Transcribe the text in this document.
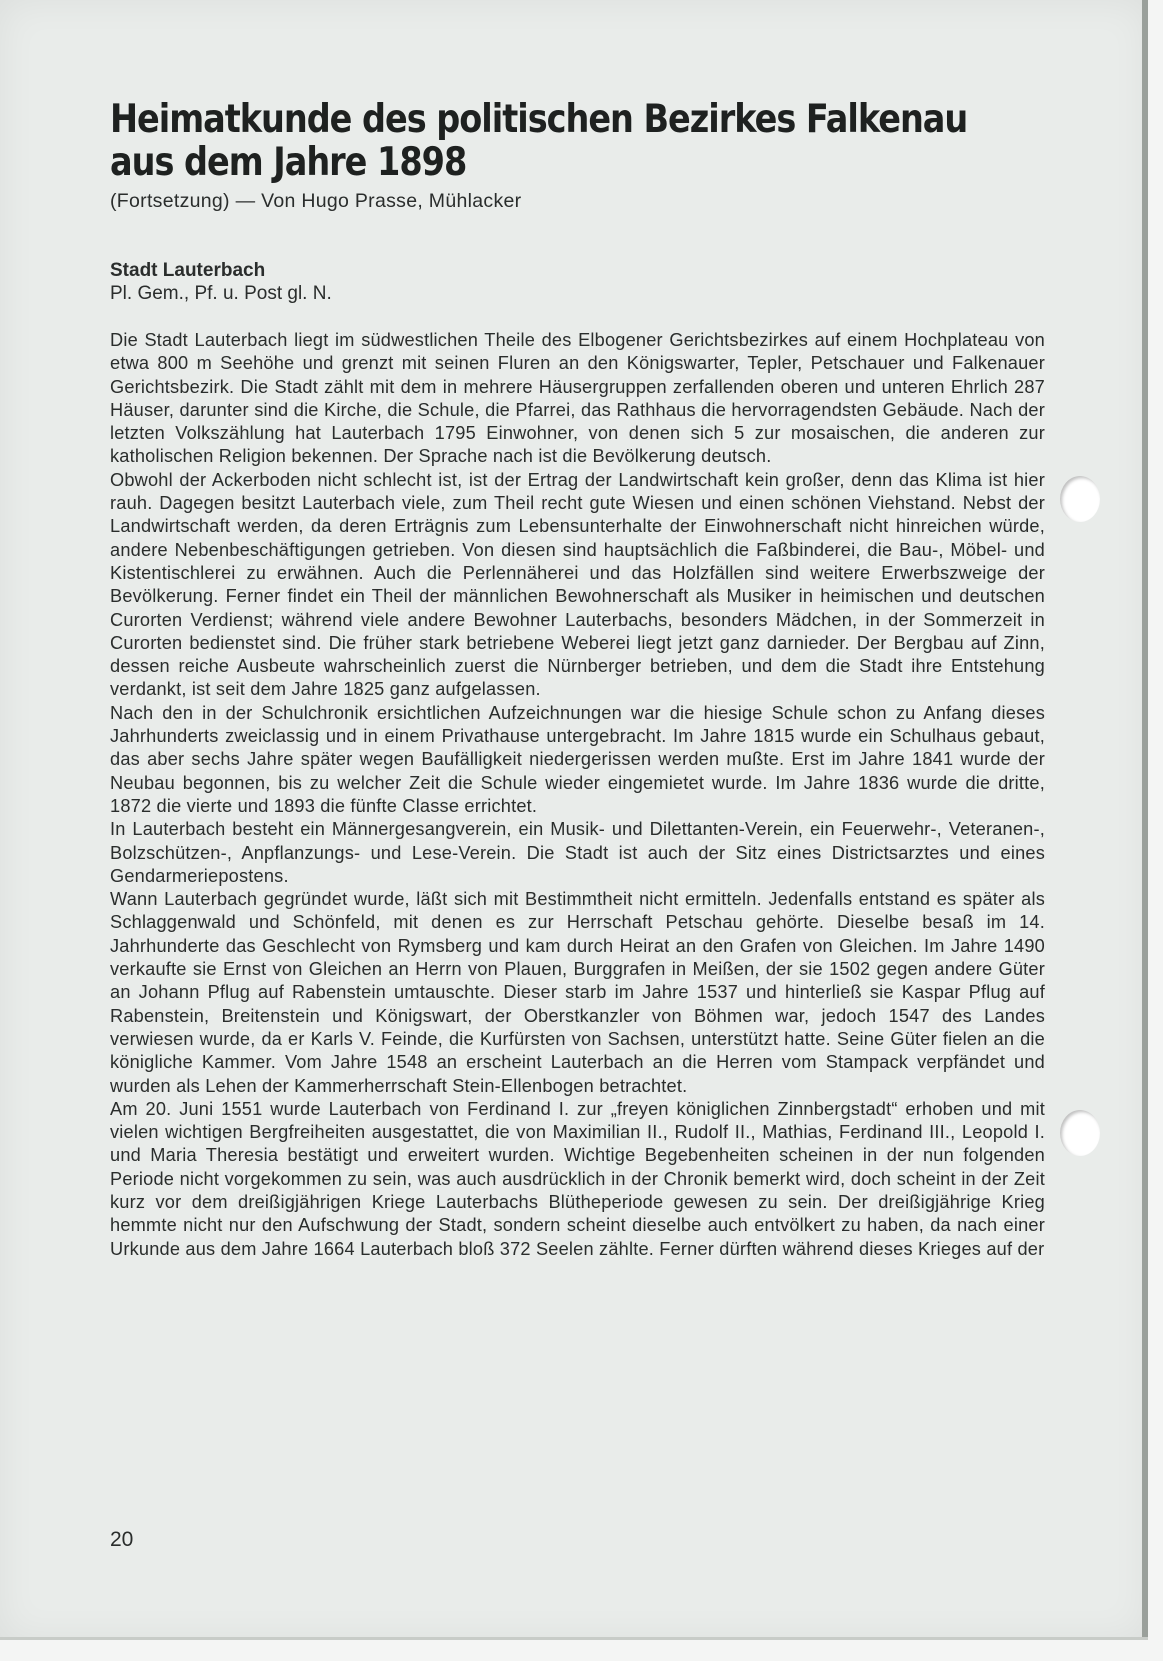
Heimatkunde des politischen Bezirkes Falkenau
aus dem Jahre 1898

(Fortsetzung) — Von Hugo Prasse, Mühlacker

Stadt Lauterbach

Pl. Gem., Pf. u. Post gl. N.

Die Stadt Lauterbach liegt im südwestlichen Theile des Elbogener Gerichtsbezirkes auf einem Hochplateau von etwa 800 m Seehöhe und grenzt mit seinen Fluren an den Königswarter, Tepler, Petschauer und Falkenauer Gerichtsbezirk. Die Stadt zählt mit dem in mehrere Häusergruppen zerfallenden oberen und unteren Ehrlich 287 Häuser, darunter sind die Kirche, die Schule, die Pfarrei, das Rathhaus die hervorragendsten Gebäude. Nach der letzten Volkszählung hat Lauterbach 1795 Einwohner, von denen sich 5 zur mosaischen, die anderen zur katholischen Religion bekennen. Der Sprache nach ist die Bevölkerung deutsch.

Obwohl der Ackerboden nicht schlecht ist, ist der Ertrag der Landwirtschaft kein großer, denn das Klima ist hier rauh. Dagegen besitzt Lauterbach viele, zum Theil recht gute Wiesen und einen schönen Viehstand. Nebst der Landwirtschaft werden, da deren Erträgnis zum Lebensunterhalte der Einwohnerschaft nicht hinreichen würde, andere Nebenbeschäftigungen getrieben. Von diesen sind hauptsächlich die Faßbinderei, die Bau-, Möbel- und Kistentischlerei zu erwähnen. Auch die Perlennäherei und das Holzfällen sind weitere Erwerbszweige der Bevölkerung. Ferner findet ein Theil der männlichen Bewohnerschaft als Musiker in heimischen und deutschen Curorten Verdienst; während viele andere Bewohner Lauterbachs, besonders Mädchen, in der Sommerzeit in Curorten bedienstet sind. Die früher stark betriebene Weberei liegt jetzt ganz darnieder. Der Bergbau auf Zinn, dessen reiche Ausbeute wahrscheinlich zuerst die Nürnberger betrieben, und dem die Stadt ihre Entstehung verdankt, ist seit dem Jahre 1825 ganz aufgelassen.

Nach den in der Schulchronik ersichtlichen Aufzeichnungen war die hiesige Schule schon zu Anfang dieses Jahrhunderts zweiclassig und in einem Privathause untergebracht. Im Jahre 1815 wurde ein Schulhaus gebaut, das aber sechs Jahre später wegen Baufälligkeit niedergerissen werden mußte. Erst im Jahre 1841 wurde der Neubau begonnen, bis zu welcher Zeit die Schule wieder eingemietet wurde. Im Jahre 1836 wurde die dritte, 1872 die vierte und 1893 die fünfte Classe errichtet.

In Lauterbach besteht ein Männergesangverein, ein Musik- und Dilettanten-Verein, ein Feuerwehr-, Veteranen-, Bolzschützen-, Anpflanzungs- und Lese-Verein. Die Stadt ist auch der Sitz eines Districtsarztes und eines Gendarmeriepostens.

Wann Lauterbach gegründet wurde, läßt sich mit Bestimmtheit nicht ermitteln. Jedenfalls entstand es später als Schlaggenwald und Schönfeld, mit denen es zur Herrschaft Petschau gehörte. Dieselbe besaß im 14. Jahrhunderte das Geschlecht von Rymsberg und kam durch Heirat an den Grafen von Gleichen. Im Jahre 1490 verkaufte sie Ernst von Gleichen an Herrn von Plauen, Burggrafen in Meißen, der sie 1502 gegen andere Güter an Johann Pflug auf Rabenstein umtauschte. Dieser starb im Jahre 1537 und hinterließ sie Kaspar Pflug auf Rabenstein, Breitenstein und Königswart, der Oberstkanzler von Böhmen war, jedoch 1547 des Landes verwiesen wurde, da er Karls V. Feinde, die Kurfürsten von Sachsen, unterstützt hatte. Seine Güter fielen an die königliche Kammer. Vom Jahre 1548 an erscheint Lauterbach an die Herren vom Stampack verpfändet und wurden als Lehen der Kammerherrschaft Stein-Ellenbogen betrachtet.

Am 20. Juni 1551 wurde Lauterbach von Ferdinand I. zur „freyen königlichen Zinnbergstadt“ erhoben und mit vielen wichtigen Bergfreiheiten ausgestattet, die von Maximilian II., Rudolf II., Mathias, Ferdinand III., Leopold I. und Maria Theresia bestätigt und erweitert wurden. Wichtige Begebenheiten scheinen in der nun folgenden Periode nicht vorgekommen zu sein, was auch ausdrücklich in der Chronik bemerkt wird, doch scheint in der Zeit kurz vor dem dreißigjährigen Kriege Lauterbachs Blütheperiode gewesen zu sein. Der dreißigjährige Krieg hemmte nicht nur den Aufschwung der Stadt, sondern scheint dieselbe auch entvölkert zu haben, da nach einer Urkunde aus dem Jahre 1664 Lauterbach bloß 372 Seelen zählte. Ferner dürften während dieses Krieges auf der

20
